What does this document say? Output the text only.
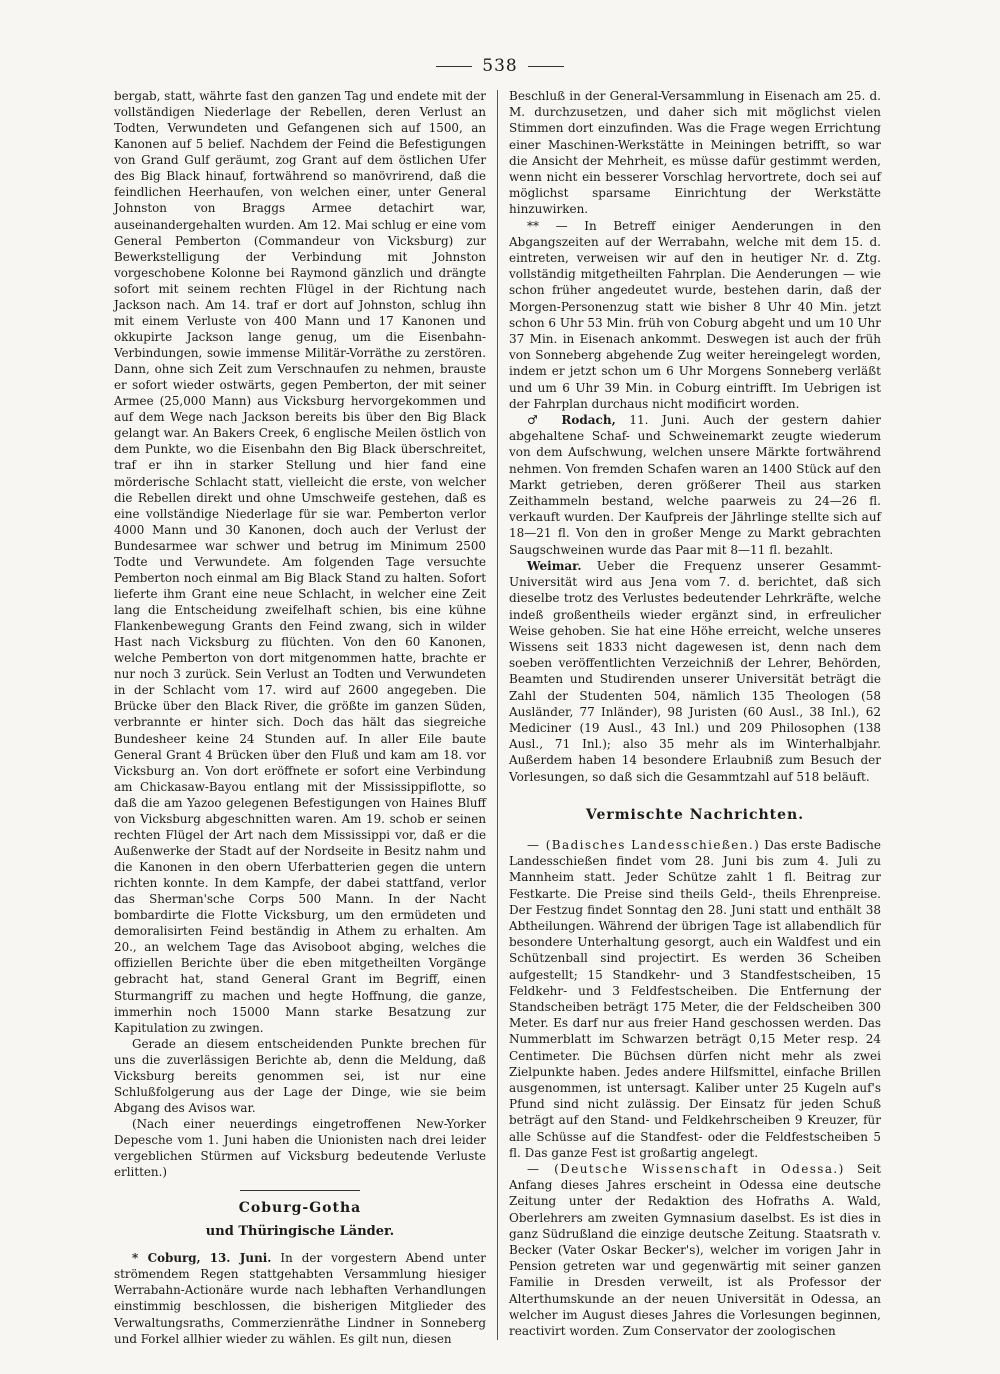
538

bergab, statt, währte fast den ganzen Tag und endete mit der vollständigen Niederlage der Rebellen, deren Verlust an Todten, Verwundeten und Gefangenen sich auf 1500, an Kanonen auf 5 belief. Nachdem der Feind die Befestigungen von Grand Gulf geräumt, zog Grant auf dem östlichen Ufer des Big Black hinauf, fortwährend so manövrirend, daß die feindlichen Heerhaufen, von welchen einer, unter General Johnston von Braggs Armee detachirt war, auseinandergehalten wurden. Am 12. Mai schlug er eine vom General Pemberton (Commandeur von Vicksburg) zur Bewerkstelligung der Verbindung mit Johnston vorgeschobene Kolonne bei Raymond gänzlich und drängte sofort mit seinem rechten Flügel in der Richtung nach Jackson nach. Am 14. traf er dort auf Johnston, schlug ihn mit einem Verluste von 400 Mann und 17 Kanonen und okkupirte Jackson lange genug, um die Eisenbahn-Verbindungen, sowie immense Militär-Vorräthe zu zerstören. Dann, ohne sich Zeit zum Verschnaufen zu nehmen, brauste er sofort wieder ostwärts, gegen Pemberton, der mit seiner Armee (25,000 Mann) aus Vicksburg hervorgekommen und auf dem Wege nach Jackson bereits bis über den Big Black gelangt war. An Bakers Creek, 6 englische Meilen östlich von dem Punkte, wo die Eisenbahn den Big Black überschreitet, traf er ihn in starker Stellung und hier fand eine mörderische Schlacht statt, vielleicht die erste, von welcher die Rebellen direkt und ohne Umschweife gestehen, daß es eine vollständige Niederlage für sie war. Pemberton verlor 4000 Mann und 30 Kanonen, doch auch der Verlust der Bundesarmee war schwer und betrug im Minimum 2500 Todte und Verwundete. Am folgenden Tage versuchte Pemberton noch einmal am Big Black Stand zu halten. Sofort lieferte ihm Grant eine neue Schlacht, in welcher eine Zeit lang die Entscheidung zweifelhaft schien, bis eine kühne Flankenbewegung Grants den Feind zwang, sich in wilder Hast nach Vicksburg zu flüchten. Von den 60 Kanonen, welche Pemberton von dort mitgenommen hatte, brachte er nur noch 3 zurück. Sein Verlust an Todten und Verwundeten in der Schlacht vom 17. wird auf 2600 angegeben. Die Brücke über den Black River, die größte im ganzen Süden, verbrannte er hinter sich. Doch das hält das siegreiche Bundesheer keine 24 Stunden auf. In aller Eile baute General Grant 4 Brücken über den Fluß und kam am 18. vor Vicksburg an. Von dort eröffnete er sofort eine Verbindung am Chickasaw-Bayou entlang mit der Mississippiflotte, so daß die am Yazoo gelegenen Befestigungen von Haines Bluff von Vicksburg abgeschnitten waren. Am 19. schob er seinen rechten Flügel der Art nach dem Mississippi vor, daß er die Außenwerke der Stadt auf der Nordseite in Besitz nahm und die Kanonen in den obern Uferbatterien gegen die untern richten konnte. In dem Kampfe, der dabei stattfand, verlor das Sherman'sche Corps 500 Mann. In der Nacht bombardirte die Flotte Vicksburg, um den ermüdeten und demoralisirten Feind beständig in Athem zu erhalten. Am 20., an welchem Tage das Avisoboot abging, welches die offiziellen Berichte über die eben mitgetheilten Vorgänge gebracht hat, stand General Grant im Begriff, einen Sturmangriff zu machen und hegte Hoffnung, die ganze, immerhin noch 15000 Mann starke Besatzung zur Kapitulation zu zwingen.

Gerade an diesem entscheidenden Punkte brechen für uns die zuverlässigen Berichte ab, denn die Meldung, daß Vicksburg bereits genommen sei, ist nur eine Schlußfolgerung aus der Lage der Dinge, wie sie beim Abgang des Avisos war.

(Nach einer neuerdings eingetroffenen New-Yorker Depesche vom 1. Juni haben die Unionisten nach drei leider vergeblichen Stürmen auf Vicksburg bedeutende Verluste erlitten.)

Coburg-Gotha
und Thüringische Länder.

* Coburg, 13. Juni. In der vorgestern Abend unter strömendem Regen stattgehabten Versammlung hiesiger Werrabahn-Actionäre wurde nach lebhaften Verhandlungen einstimmig beschlossen, die bisherigen Mitglieder des Verwaltungsraths, Commerzienräthe Lindner in Sonneberg und Forkel allhier wieder zu wählen. Es gilt nun, diesen

Beschluß in der General-Versammlung in Eisenach am 25. d. M. durchzusetzen, und daher sich mit möglichst vielen Stimmen dort einzufinden. Was die Frage wegen Errichtung einer Maschinen-Werkstätte in Meiningen betrifft, so war die Ansicht der Mehrheit, es müsse dafür gestimmt werden, wenn nicht ein besserer Vorschlag hervortrete, doch sei auf möglichst sparsame Einrichtung der Werkstätte hinzuwirken.

** — In Betreff einiger Aenderungen in den Abgangszeiten auf der Werrabahn, welche mit dem 15. d. eintreten, verweisen wir auf den in heutiger Nr. d. Ztg. vollständig mitgetheilten Fahrplan. Die Aenderungen — wie schon früher angedeutet wurde, bestehen darin, daß der Morgen-Personenzug statt wie bisher 8 Uhr 40 Min. jetzt schon 6 Uhr 53 Min. früh von Coburg abgeht und um 10 Uhr 37 Min. in Eisenach ankommt. Deswegen ist auch der früh von Sonneberg abgehende Zug weiter hereingelegt worden, indem er jetzt schon um 6 Uhr Morgens Sonneberg verläßt und um 6 Uhr 39 Min. in Coburg eintrifft. Im Uebrigen ist der Fahrplan durchaus nicht modificirt worden.

♂ Rodach, 11. Juni. Auch der gestern dahier abgehaltene Schaf- und Schweinemarkt zeugte wiederum von dem Aufschwung, welchen unsere Märkte fortwährend nehmen. Von fremden Schafen waren an 1400 Stück auf den Markt getrieben, deren größerer Theil aus starken Zeithammeln bestand, welche paarweis zu 24—26 fl. verkauft wurden. Der Kaufpreis der Jährlinge stellte sich auf 18—21 fl. Von den in großer Menge zu Markt gebrachten Saugschweinen wurde das Paar mit 8—11 fl. bezahlt.

Weimar. Ueber die Frequenz unserer Gesammt-Universität wird aus Jena vom 7. d. berichtet, daß sich dieselbe trotz des Verlustes bedeutender Lehrkräfte, welche indeß großentheils wieder ergänzt sind, in erfreulicher Weise gehoben. Sie hat eine Höhe erreicht, welche unseres Wissens seit 1833 nicht dagewesen ist, denn nach dem soeben veröffentlichten Verzeichniß der Lehrer, Behörden, Beamten und Studirenden unserer Universität beträgt die Zahl der Studenten 504, nämlich 135 Theologen (58 Ausländer, 77 Inländer), 98 Juristen (60 Ausl., 38 Inl.), 62 Mediciner (19 Ausl., 43 Inl.) und 209 Philosophen (138 Ausl., 71 Inl.); also 35 mehr als im Winterhalbjahr. Außerdem haben 14 besondere Erlaubniß zum Besuch der Vorlesungen, so daß sich die Gesammtzahl auf 518 beläuft.

Vermischte Nachrichten.

— (Badisches Landesschießen.) Das erste Badische Landesschießen findet vom 28. Juni bis zum 4. Juli zu Mannheim statt. Jeder Schütze zahlt 1 fl. Beitrag zur Festkarte. Die Preise sind theils Geld-, theils Ehrenpreise. Der Festzug findet Sonntag den 28. Juni statt und enthält 38 Abtheilungen. Während der übrigen Tage ist allabendlich für besondere Unterhaltung gesorgt, auch ein Waldfest und ein Schützenball sind projectirt. Es werden 36 Scheiben aufgestellt; 15 Standkehr- und 3 Standfestscheiben, 15 Feldkehr- und 3 Feldfestscheiben. Die Entfernung der Standscheiben beträgt 175 Meter, die der Feldscheiben 300 Meter. Es darf nur aus freier Hand geschossen werden. Das Nummerblatt im Schwarzen beträgt 0,15 Meter resp. 24 Centimeter. Die Büchsen dürfen nicht mehr als zwei Zielpunkte haben. Jedes andere Hilfsmittel, einfache Brillen ausgenommen, ist untersagt. Kaliber unter 25 Kugeln auf's Pfund sind nicht zulässig. Der Einsatz für jeden Schuß beträgt auf den Stand- und Feldkehrscheiben 9 Kreuzer, für alle Schüsse auf die Standfest- oder die Feldfestscheiben 5 fl. Das ganze Fest ist großartig angelegt.

— (Deutsche Wissenschaft in Odessa.) Seit Anfang dieses Jahres erscheint in Odessa eine deutsche Zeitung unter der Redaktion des Hofraths A. Wald, Oberlehrers am zweiten Gymnasium daselbst. Es ist dies in ganz Südrußland die einzige deutsche Zeitung. Staatsrath v. Becker (Vater Oskar Becker's), welcher im vorigen Jahr in Pension getreten war und gegenwärtig mit seiner ganzen Familie in Dresden verweilt, ist als Professor der Alterthumskunde an der neuen Universität in Odessa, an welcher im August dieses Jahres die Vorlesungen beginnen, reactivirt worden. Zum Conservator der zoologischen
